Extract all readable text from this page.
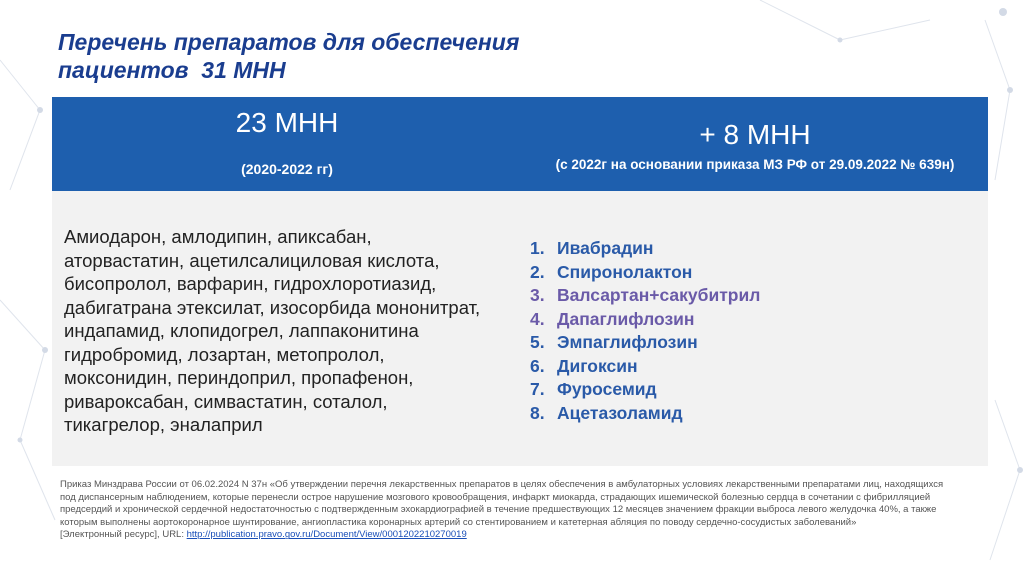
Перечень препаратов для обеспечения
пациентов  31 МНН
23 МНН
(2020-2022 гг)
+ 8 МНН
(с 2022г на основании приказа МЗ РФ от 29.09.2022 № 639н)
Амиодарон, амлодипин, апиксабан,
аторвастатин, ацетилсалициловая кислота,
бисопролол, варфарин, гидрохлоротиазид,
дабигатрана этексилат, изосорбида мононитрат,
индапамид, клопидогрел, лаппаконитина
гидробромид, лозартан, метопролол,
моксонидин, периндоприл, пропафенон,
ривароксабан, симвастатин, соталол,
тикагрелор, эналаприл
1. Ивабрадин
2. Спиронолактон
3. Валсартан+сакубитрил
4. Дапаглифлозин
5. Эмпаглифлозин
6. Дигоксин
7. Фуросемид
8. Ацетазоламид
Приказ Минздрава России от 06.02.2024 N 37н «Об утверждении перечня лекарственных препаратов в целях обеспечения в амбулаторных условиях лекарственными препаратами лиц, находящихся
под диспансерным наблюдением, которые перенесли острое нарушение мозгового кровообращения, инфаркт миокарда, страдающих ишемической болезнью сердца в сочетании с фибрилляцией
предсердий и хронической сердечной недостаточностью с подтвержденным эхокардиографией в течение предшествующих 12 месяцев значением фракции выброса левого желудочка 40%, а также
которым выполнены аортокоронарное шунтирование, ангиопластика коронарных артерий со стентированием и катетерная абляция по поводу сердечно-сосудистых заболеваний»
[Электронный ресурс], URL: http://publication.pravo.gov.ru/Document/View/0001202210270019
